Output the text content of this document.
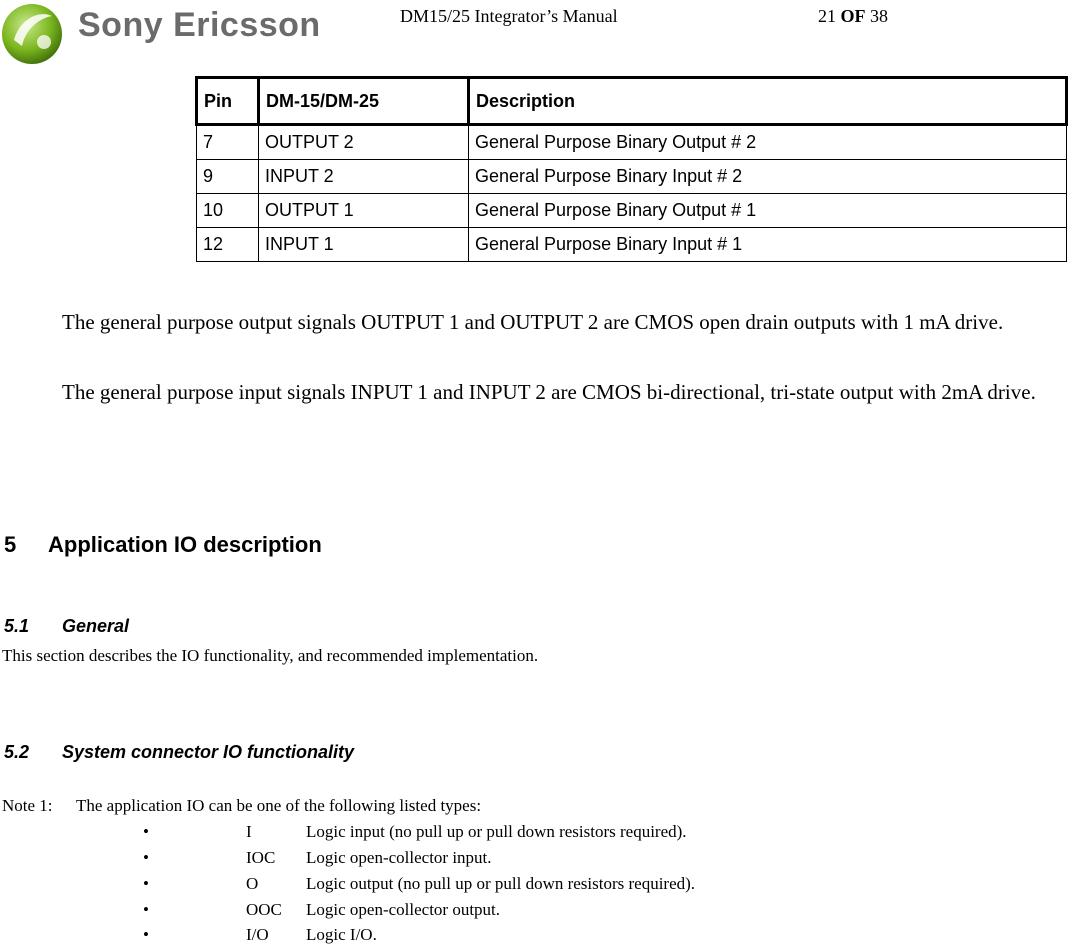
Sony Ericsson	DM15/25 Integrator’s Manual	21 OF 38
Pin	DM-15/DM-25	Description
7	OUTPUT 2	General Purpose Binary Output # 2
9	INPUT 2	General Purpose Binary Input # 2
10	OUTPUT 1	General Purpose Binary Output # 1
12	INPUT 1	General Purpose Binary Input # 1
The general purpose output signals OUTPUT 1 and OUTPUT 2 are CMOS open drain outputs with 1 mA drive.
The general purpose input signals INPUT 1 and INPUT 2 are CMOS bi-directional, tri-state output with 2mA drive.
5 Application IO description
5.1 General
This section describes the IO functionality, and recommended implementation.
5.2 System connector IO functionality
Note 1: The application IO can be one of the following listed types:
•	I	Logic input (no pull up or pull down resistors required).
•	IOC Logic open-collector input.
•	O	Logic output (no pull up or pull down resistors required).
•	OOC Logic open-collector output.
•	I/O Logic I/O.
